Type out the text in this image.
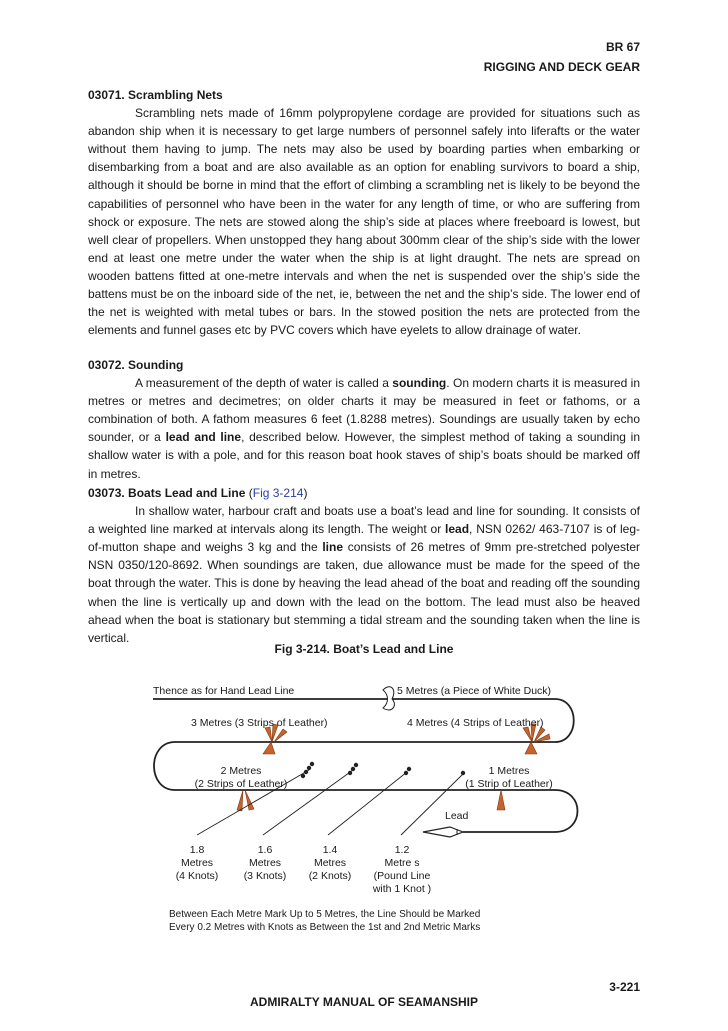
BR 67
RIGGING AND DECK GEAR
03071. Scrambling Nets

Scrambling nets made of 16mm polypropylene cordage are provided for situations such as abandon ship when it is necessary to get large numbers of personnel safely into liferafts or the water without them having to jump. The nets may also be used by boarding parties when embarking or disembarking from a boat and are also available as an option for enabling survivors to board a ship, although it should be borne in mind that the effort of climbing a scrambling net is likely to be beyond the capabilities of personnel who have been in the water for any length of time, or who are suffering from shock or exposure. The nets are stowed along the ship’s side at places where freeboard is lowest, but well clear of propellers. When unstopped they hang about 300mm clear of the ship’s side with the lower end at least one metre under the water when the ship is at light draught. The nets are spread on wooden battens fitted at one-metre intervals and when the net is suspended over the ship’s side the battens must be on the inboard side of the net, ie, between the net and the ship’s side. The lower end of the net is weighted with metal tubes or bars. In the stowed position the nets are protected from the elements and funnel gases etc by PVC covers which have eyelets to allow drainage of water.

03072. Sounding

A measurement of the depth of water is called a sounding. On modern charts it is measured in metres or metres and decimetres; on older charts it may be measured in feet or fathoms, or a combination of both. A fathom measures 6 feet (1.8288 metres). Soundings are usually taken by echo sounder, or a lead and line, described below. However, the simplest method of taking a sounding in shallow water is with a pole, and for this reason boat hook staves of ship’s boats should be marked off in metres.

03073. Boats Lead and Line (Fig 3-214)

In shallow water, harbour craft and boats use a boat’s lead and line for sounding. It consists of a weighted line marked at intervals along its length. The weight or lead, NSN 0262/ 463-7107 is of leg-of-mutton shape and weighs 3 kg and the line consists of 26 metres of 9mm pre-stretched polyester NSN 0350/120-8692. When soundings are taken, due allowance must be made for the speed of the boat through the water. This is done by heaving the lead ahead of the boat and reading off the sounding when the line is vertically up and down with the lead on the bottom. The lead must also be heaved ahead when the boat is stationary but stemming a tidal stream and the sounding taken when the line is vertical.

Fig 3-214. Boat’s Lead and Line
Thence as for Hand Lead Line	5 Metres (a Piece of White Duck)
3 Metres (3 Strips of Leather)	4 Metres (4 Strips of Leather)
2 Metres
(2 Strips of Leather)
1 Metres
(1 Strip of Leather)
Lead
1.8
Metres
(4 Knots)
1.6
Metres
(3 Knots)
1.4
Metres
(2 Knots)
1.2
Metre s
(Pound Line
with 1 Knot )
Between Each Metre Mark Up to 5 Metres, the Line Should be Marked
Every 0.2 Metres with Knots as Between the 1st and 2nd Metric Marks
3-221
ADMIRALTY MANUAL OF SEAMANSHIP
